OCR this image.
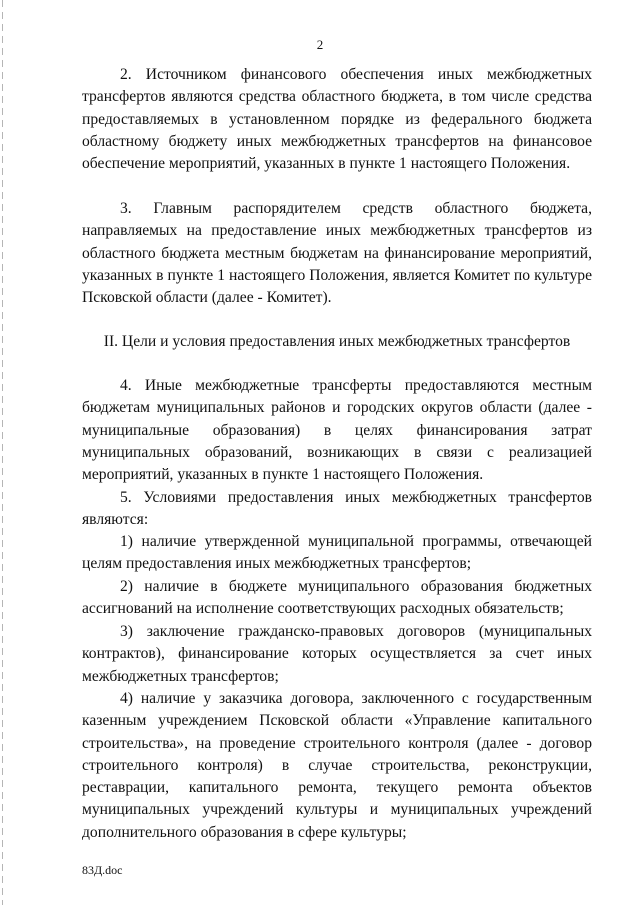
2

2. Источником финансового обеспечения иных межбюджетных трансфертов являются средства областного бюджета, в том числе средства предоставляемых в установленном порядке из федерального бюджета областному бюджету иных межбюджетных трансфертов на финансовое обеспечение мероприятий, указанных в пункте 1 настоящего Положения.

3. Главным распорядителем средств областного бюджета, направляемых на предоставление иных межбюджетных трансфертов из областного бюджета местным бюджетам на финансирование мероприятий, указанных в пункте 1 настоящего Положения, является Комитет по культуре Псковской области (далее - Комитет).

II. Цели и условия предоставления иных межбюджетных трансфертов

4. Иные межбюджетные трансферты предоставляются местным бюджетам муниципальных районов и городских округов области (далее - муниципальные образования) в целях финансирования затрат муниципальных образований, возникающих в связи с реализацией мероприятий, указанных в пункте 1 настоящего Положения.

5. Условиями предоставления иных межбюджетных трансфертов являются:

1) наличие утвержденной муниципальной программы, отвечающей целям предоставления иных межбюджетных трансфертов;

2) наличие в бюджете муниципального образования бюджетных ассигнований на исполнение соответствующих расходных обязательств;

3) заключение гражданско-правовых договоров (муниципальных контрактов), финансирование которых осуществляется за счет иных межбюджетных трансфертов;

4) наличие у заказчика договора, заключенного с государственным казенным учреждением Псковской области «Управление капитального строительства», на проведение строительного контроля (далее - договор строительного контроля) в случае строительства, реконструкции, реставрации, капитального ремонта, текущего ремонта объектов муниципальных учреждений культуры и муниципальных учреждений дополнительного образования в сфере культуры;

83Д.doc
